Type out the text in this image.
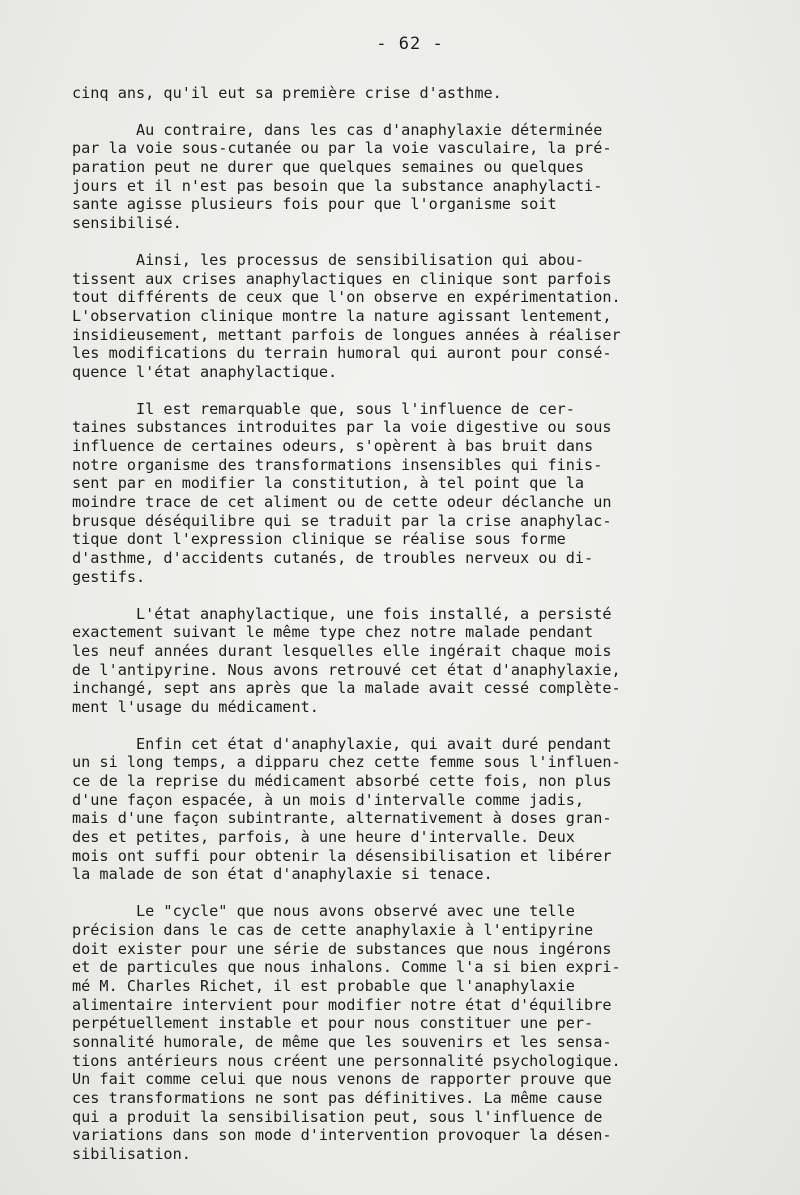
- 62 -
cinq ans, qu'il eut sa première crise d'asthme.
Au contraire, dans les cas d'anaphylaxie déterminée
par la voie sous-cutanée ou par la voie vasculaire, la pré-
paration peut ne durer que quelques semaines ou quelques
jours et il n'est pas besoin que la substance anaphylacti-
sante agisse plusieurs fois pour que l'organisme soit
sensibilisé.
Ainsi, les processus de sensibilisation qui abou-
tissent aux crises anaphylactiques en clinique sont parfois
tout différents de ceux que l'on observe en expérimentation.
L'observation clinique montre la nature agissant lentement,
insidieusement, mettant parfois de longues années à réaliser
les modifications du terrain humoral qui auront pour consé-
quence l'état anaphylactique.
Il est remarquable que, sous l'influence de cer-
taines substances introduites par la voie digestive ou sous
influence de certaines odeurs, s'opèrent à bas bruit dans
notre organisme des transformations insensibles qui finis-
sent par en modifier la constitution, à tel point que la
moindre trace de cet aliment ou de cette odeur déclanche un
brusque déséquilibre qui se traduit par la crise anaphylac-
tique dont l'expression clinique se réalise sous forme
d'asthme, d'accidents cutanés, de troubles nerveux ou di-
gestifs.
L'état anaphylactique, une fois installé, a persisté
exactement suivant le même type chez notre malade pendant
les neuf années durant lesquelles elle ingérait chaque mois
de l'antipyrine. Nous avons retrouvé cet état d'anaphylaxie,
inchangé, sept ans après que la malade avait cessé complète-
ment l'usage du médicament.
Enfin cet état d'anaphylaxie, qui avait duré pendant
un si long temps, a dipparu chez cette femme sous l'influen-
ce de la reprise du médicament absorbé cette fois, non plus
d'une façon espacée, à un mois d'intervalle comme jadis,
mais d'une façon subintrante, alternativement à doses gran-
des et petites, parfois, à une heure d'intervalle. Deux
mois ont suffi pour obtenir la désensibilisation et libérer
la malade de son état d'anaphylaxie si tenace.
Le "cycle" que nous avons observé avec une telle
précision dans le cas de cette anaphylaxie à l'entipyrine
doit exister pour une série de substances que nous ingérons
et de particules que nous inhalons. Comme l'a si bien expri-
mé M. Charles Richet, il est probable que l'anaphylaxie
alimentaire intervient pour modifier notre état d'équilibre
perpétuellement instable et pour nous constituer une per-
sonnalité humorale, de même que les souvenirs et les sensa-
tions antérieurs nous créent une personnalité psychologique.
Un fait comme celui que nous venons de rapporter prouve que
ces transformations ne sont pas définitives. La même cause
qui a produit la sensibilisation peut, sous l'influence de
variations dans son mode d'intervention provoquer la désen-
sibilisation.
